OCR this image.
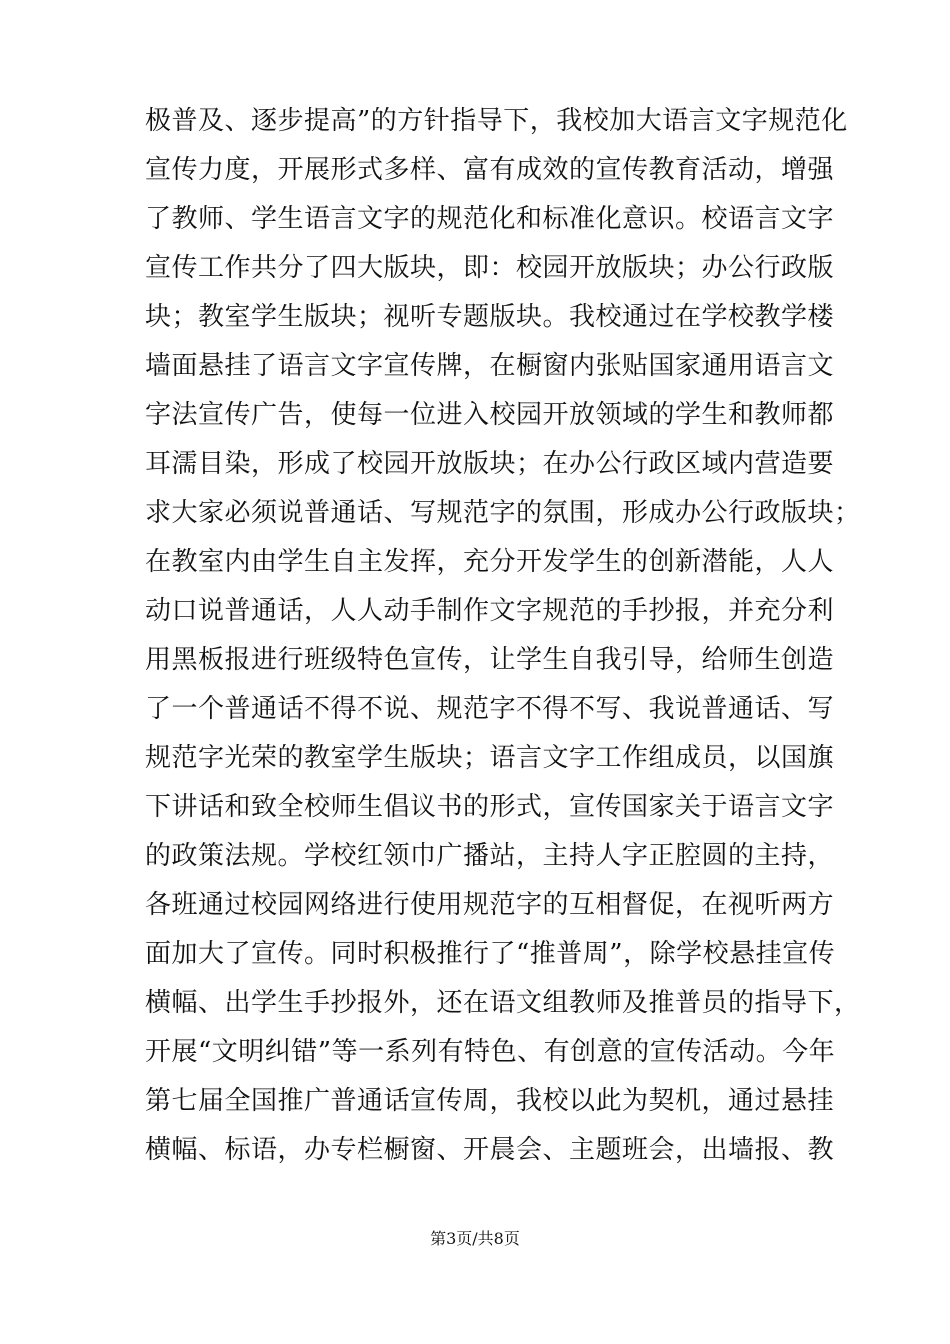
极普及、逐步提高”的方针指导下，我校加大语言文字规范化
宣传力度，开展形式多样、富有成效的宣传教育活动，增强
了教师、学生语言文字的规范化和标准化意识。校语言文字
宣传工作共分了四大版块，即：校园开放版块；办公行政版
块；教室学生版块；视听专题版块。我校通过在学校教学楼
墙面悬挂了语言文字宣传牌，在橱窗内张贴国家通用语言文
字法宣传广告，使每一位进入校园开放领域的学生和教师都
耳濡目染，形成了校园开放版块；在办公行政区域内营造要
求大家必须说普通话、写规范字的氛围，形成办公行政版块；
在教室内由学生自主发挥，充分开发学生的创新潜能，人人
动口说普通话，人人动手制作文字规范的手抄报，并充分利
用黑板报进行班级特色宣传，让学生自我引导，给师生创造
了一个普通话不得不说、规范字不得不写、我说普通话、写
规范字光荣的教室学生版块；语言文字工作组成员，以国旗
下讲话和致全校师生倡议书的形式，宣传国家关于语言文字
的政策法规。学校红领巾广播站，主持人字正腔圆的主持，
各班通过校园网络进行使用规范字的互相督促，在视听两方
面加大了宣传。同时积极推行了“推普周”，除学校悬挂宣传
横幅、出学生手抄报外，还在语文组教师及推普员的指导下，
开展“文明纠错”等一系列有特色、有创意的宣传活动。今年
第七届全国推广普通话宣传周，我校以此为契机，通过悬挂
横幅、标语，办专栏橱窗、开晨会、主题班会，出墙报、教
第3页/共8页
